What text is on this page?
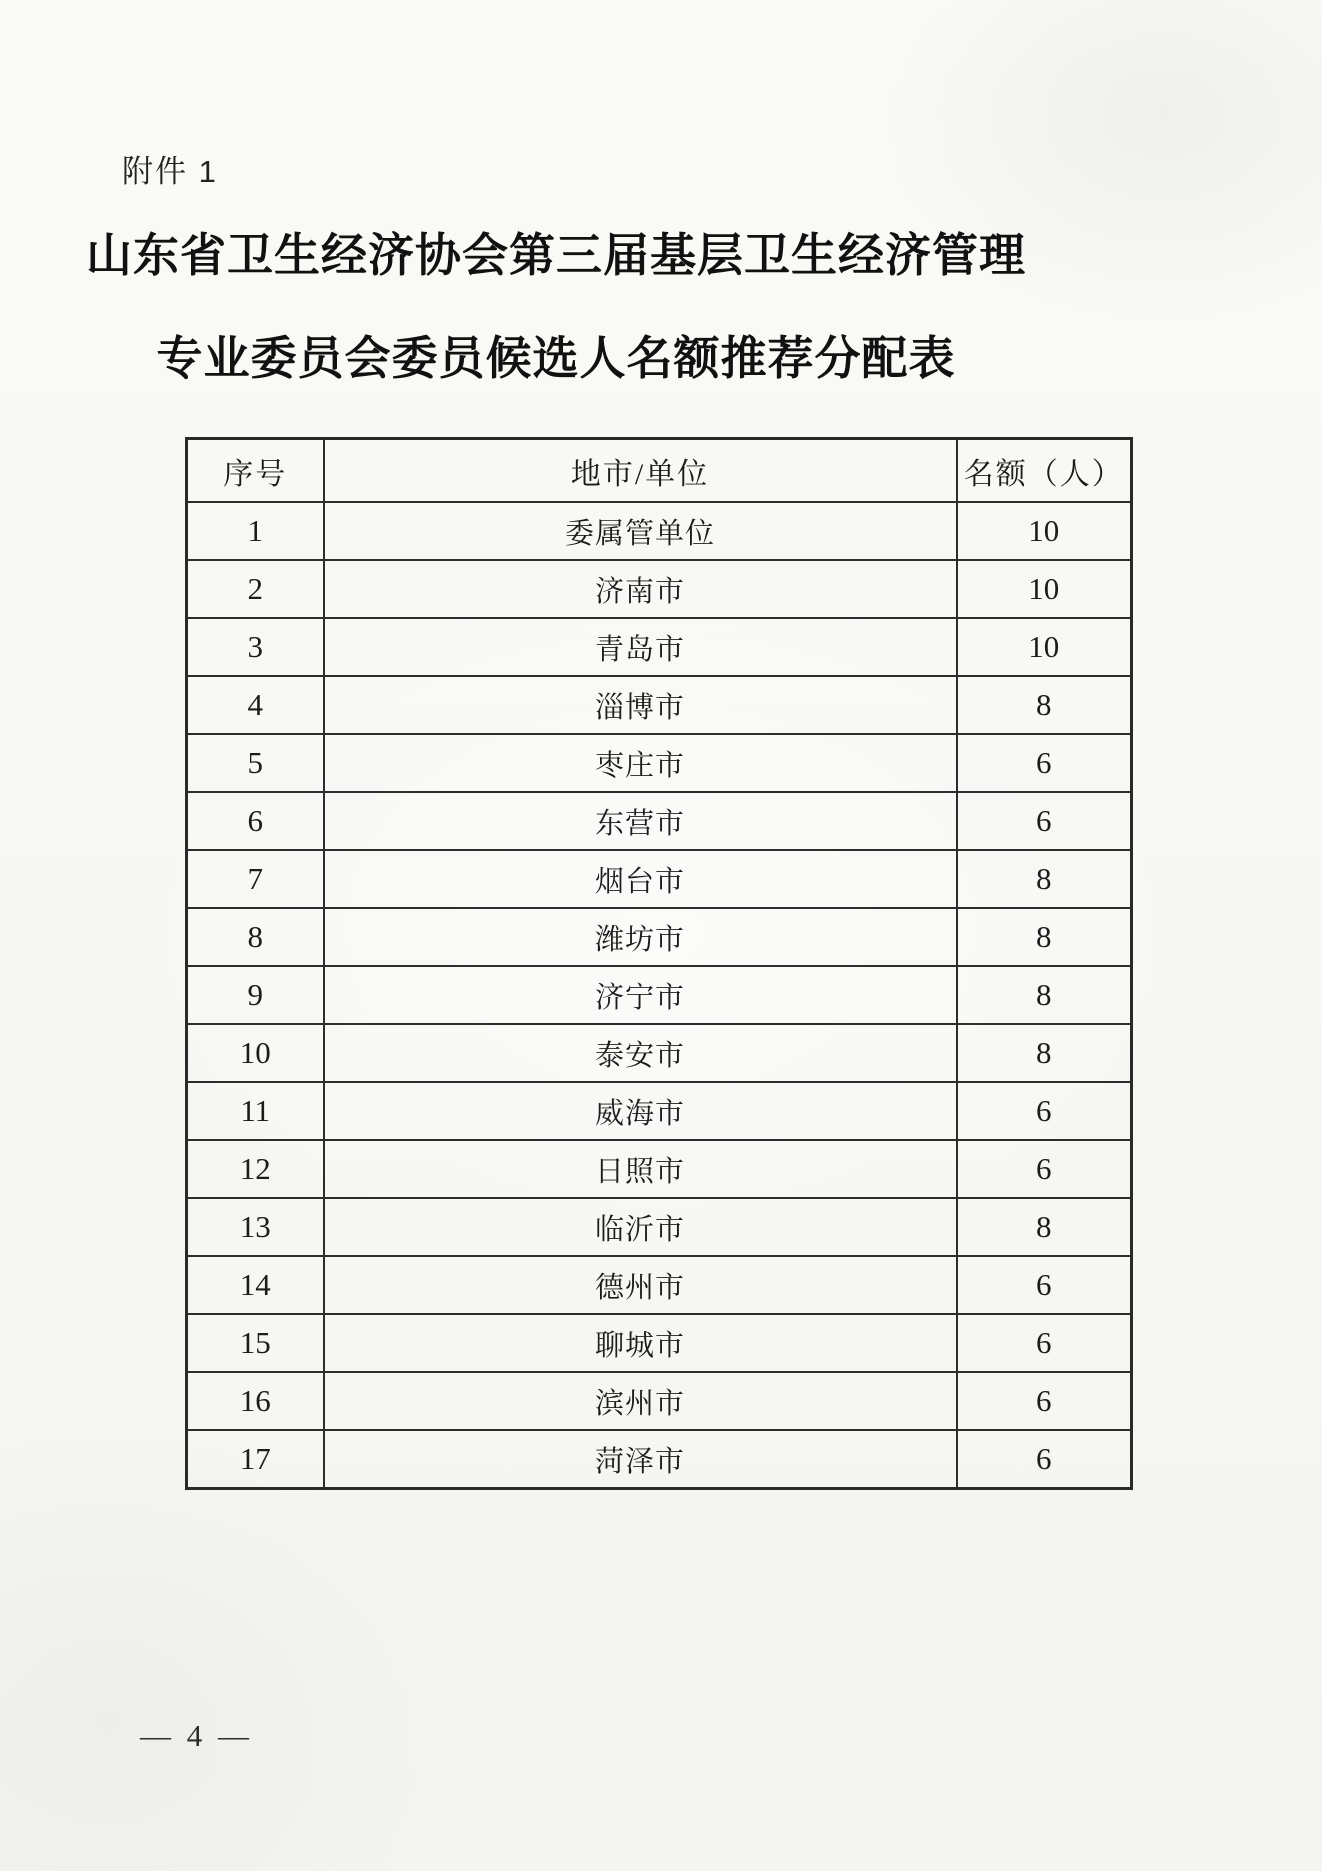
附件 1
山东省卫生经济协会第三届基层卫生经济管理
专业委员会委员候选人名额推荐分配表
序号	地市/单位	名额（人）
1	委属管单位	10
2	济南市	10
3	青岛市	10
4	淄博市	8
5	枣庄市	6
6	东营市	6
7	烟台市	8
8	潍坊市	8
9	济宁市	8
10	泰安市	8
11	威海市	6
12	日照市	6
13	临沂市	8
14	德州市	6
15	聊城市	6
16	滨州市	6
17	菏泽市	6
— 4 —
